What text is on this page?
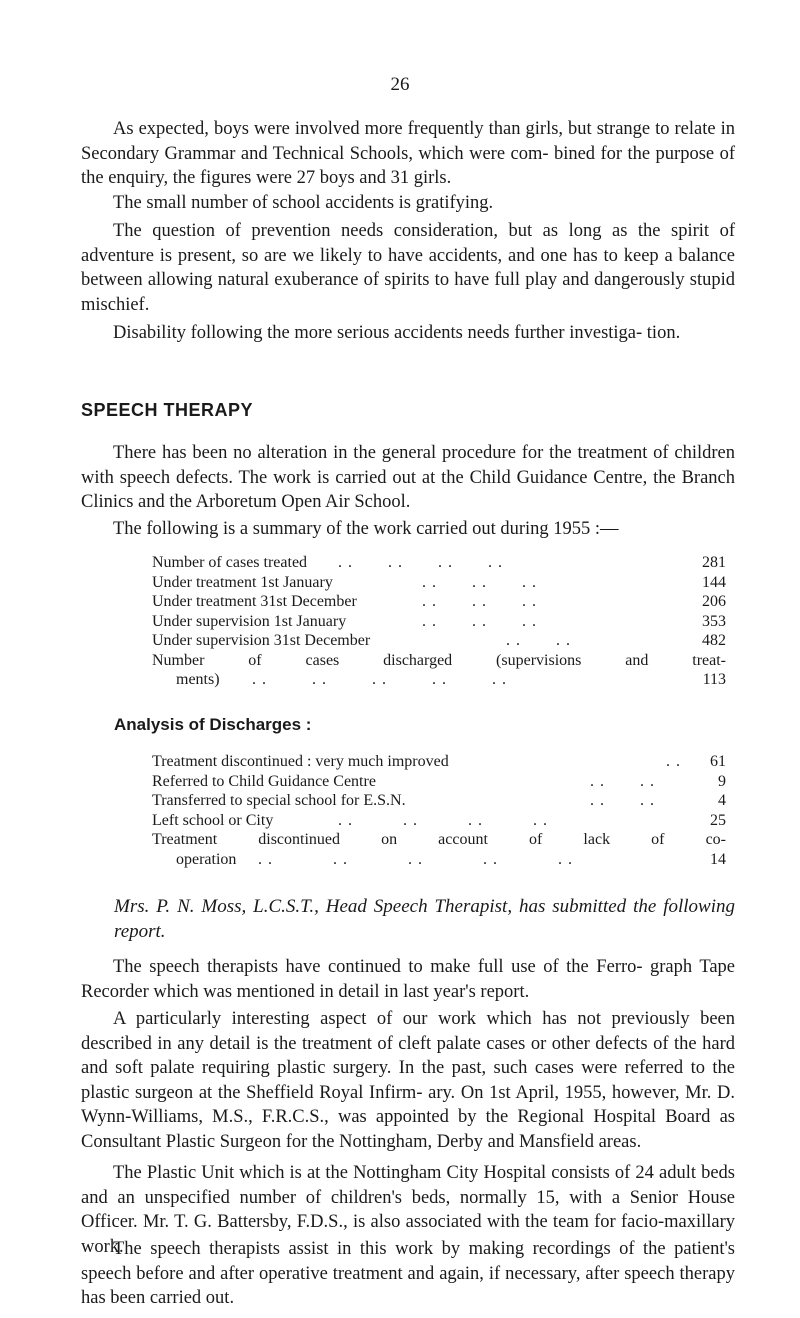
26

As expected, boys were involved more frequently than girls, but strange to relate in Secondary Grammar and Technical Schools, which were com- bined for the purpose of the enquiry, the figures were 27 boys and 31 girls.

The small number of school accidents is gratifying.

The question of prevention needs consideration, but as long as the spirit of adventure is present, so are we likely to have accidents, and one has to keep a balance between allowing natural exuberance of spirits to have full play and dangerously stupid mischief.

Disability following the more serious accidents needs further investiga- tion.

SPEECH THERAPY

There has been no alteration in the general procedure for the treatment of children with speech defects. The work is carried out at the Child Guidance Centre, the Branch Clinics and the Arboretum Open Air School.

The following is a summary of the work carried out during 1955 :—

Number of cases treated . .       . .       . .       . .	281
Under treatment 1st January	. .       . .       . .	144
Under treatment 31st December	. .       . .       . .	206
Under supervision 1st January	. .       . .       . .	353
Under supervision 31st December	. .       . .	482
Number of cases discharged (supervisions and treat-
ments) . .         . .         . .         . .         . .	113
Analysis of Discharges :
Treatment discontinued : very much improved	. . 61
Referred to Child Guidance Centre	. .       . .	9
Transferred to special school for E.S.N.	. .       . .	4
Left school or City	. .          . .          . .          . .	25
Treatment discontinued on account of lack of co-
operation . .            . .            . .            . .            . .	14

Mrs. P. N. Moss, L.C.S.T., Head Speech Therapist, has submitted the following report.

The speech therapists have continued to make full use of the Ferro- graph Tape Recorder which was mentioned in detail in last year's report.

A particularly interesting aspect of our work which has not previously been described in any detail is the treatment of cleft palate cases or other defects of the hard and soft palate requiring plastic surgery. In the past, such cases were referred to the plastic surgeon at the Sheffield Royal Infirm- ary. On 1st April, 1955, however, Mr. D. Wynn-Williams, M.S., F.R.C.S., was appointed by the Regional Hospital Board as Consultant Plastic Surgeon for the Nottingham, Derby and Mansfield areas.

The Plastic Unit which is at the Nottingham City Hospital consists of 24 adult beds and an unspecified number of children's beds, normally 15, with a Senior House Officer. Mr. T. G. Battersby, F.D.S., is also associated with the team for facio-maxillary work.

The speech therapists assist in this work by making recordings of the patient's speech before and after operative treatment and again, if necessary, after speech therapy has been carried out.
